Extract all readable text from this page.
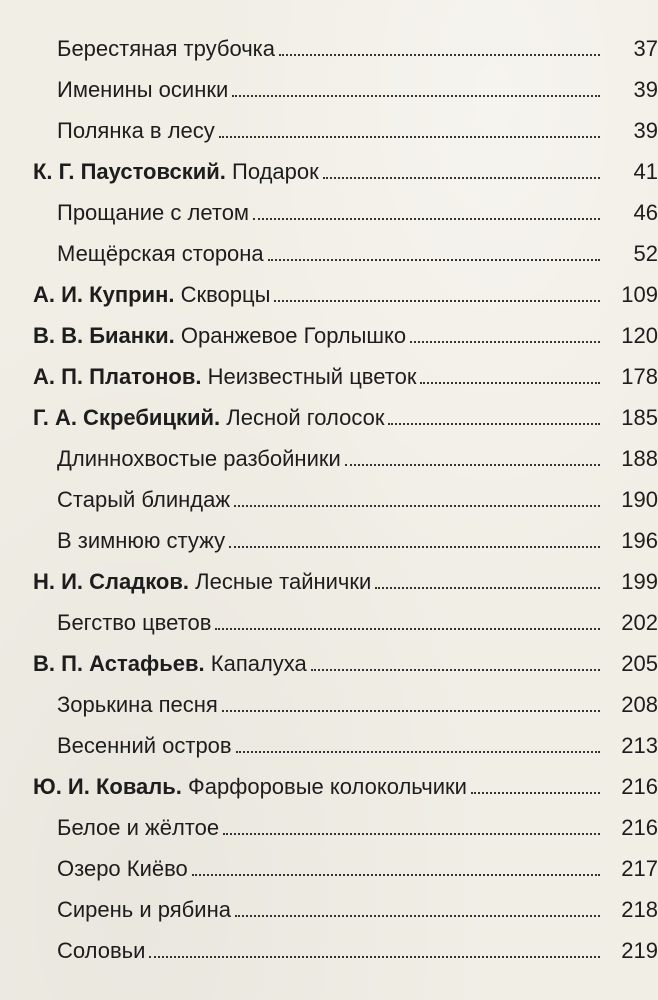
Берестяная трубочка	37
Именины осинки	39
Полянка в лесу	39
К. Г. Паустовский. Подарок	41
Прощание с летом	46
Мещёрская сторона	52
А. И. Куприн. Скворцы	109
В. В. Бианки. Оранжевое Горлышко	120
А. П. Платонов. Неизвестный цветок	178
Г. А. Скребицкий. Лесной голосок	185
Длиннохвостые разбойники	188
Старый блиндаж	190
В зимнюю стужу	196
Н. И. Сладков. Лесные тайнички	199
Бегство цветов	202
В. П. Астафьев. Капалуха	205
Зорькина песня	208
Весенний остров	213
Ю. И. Коваль. Фарфоровые колокольчики	216
Белое и жёлтое	216
Озеро Киёво	217
Сирень и рябина	218
Соловьи	219
